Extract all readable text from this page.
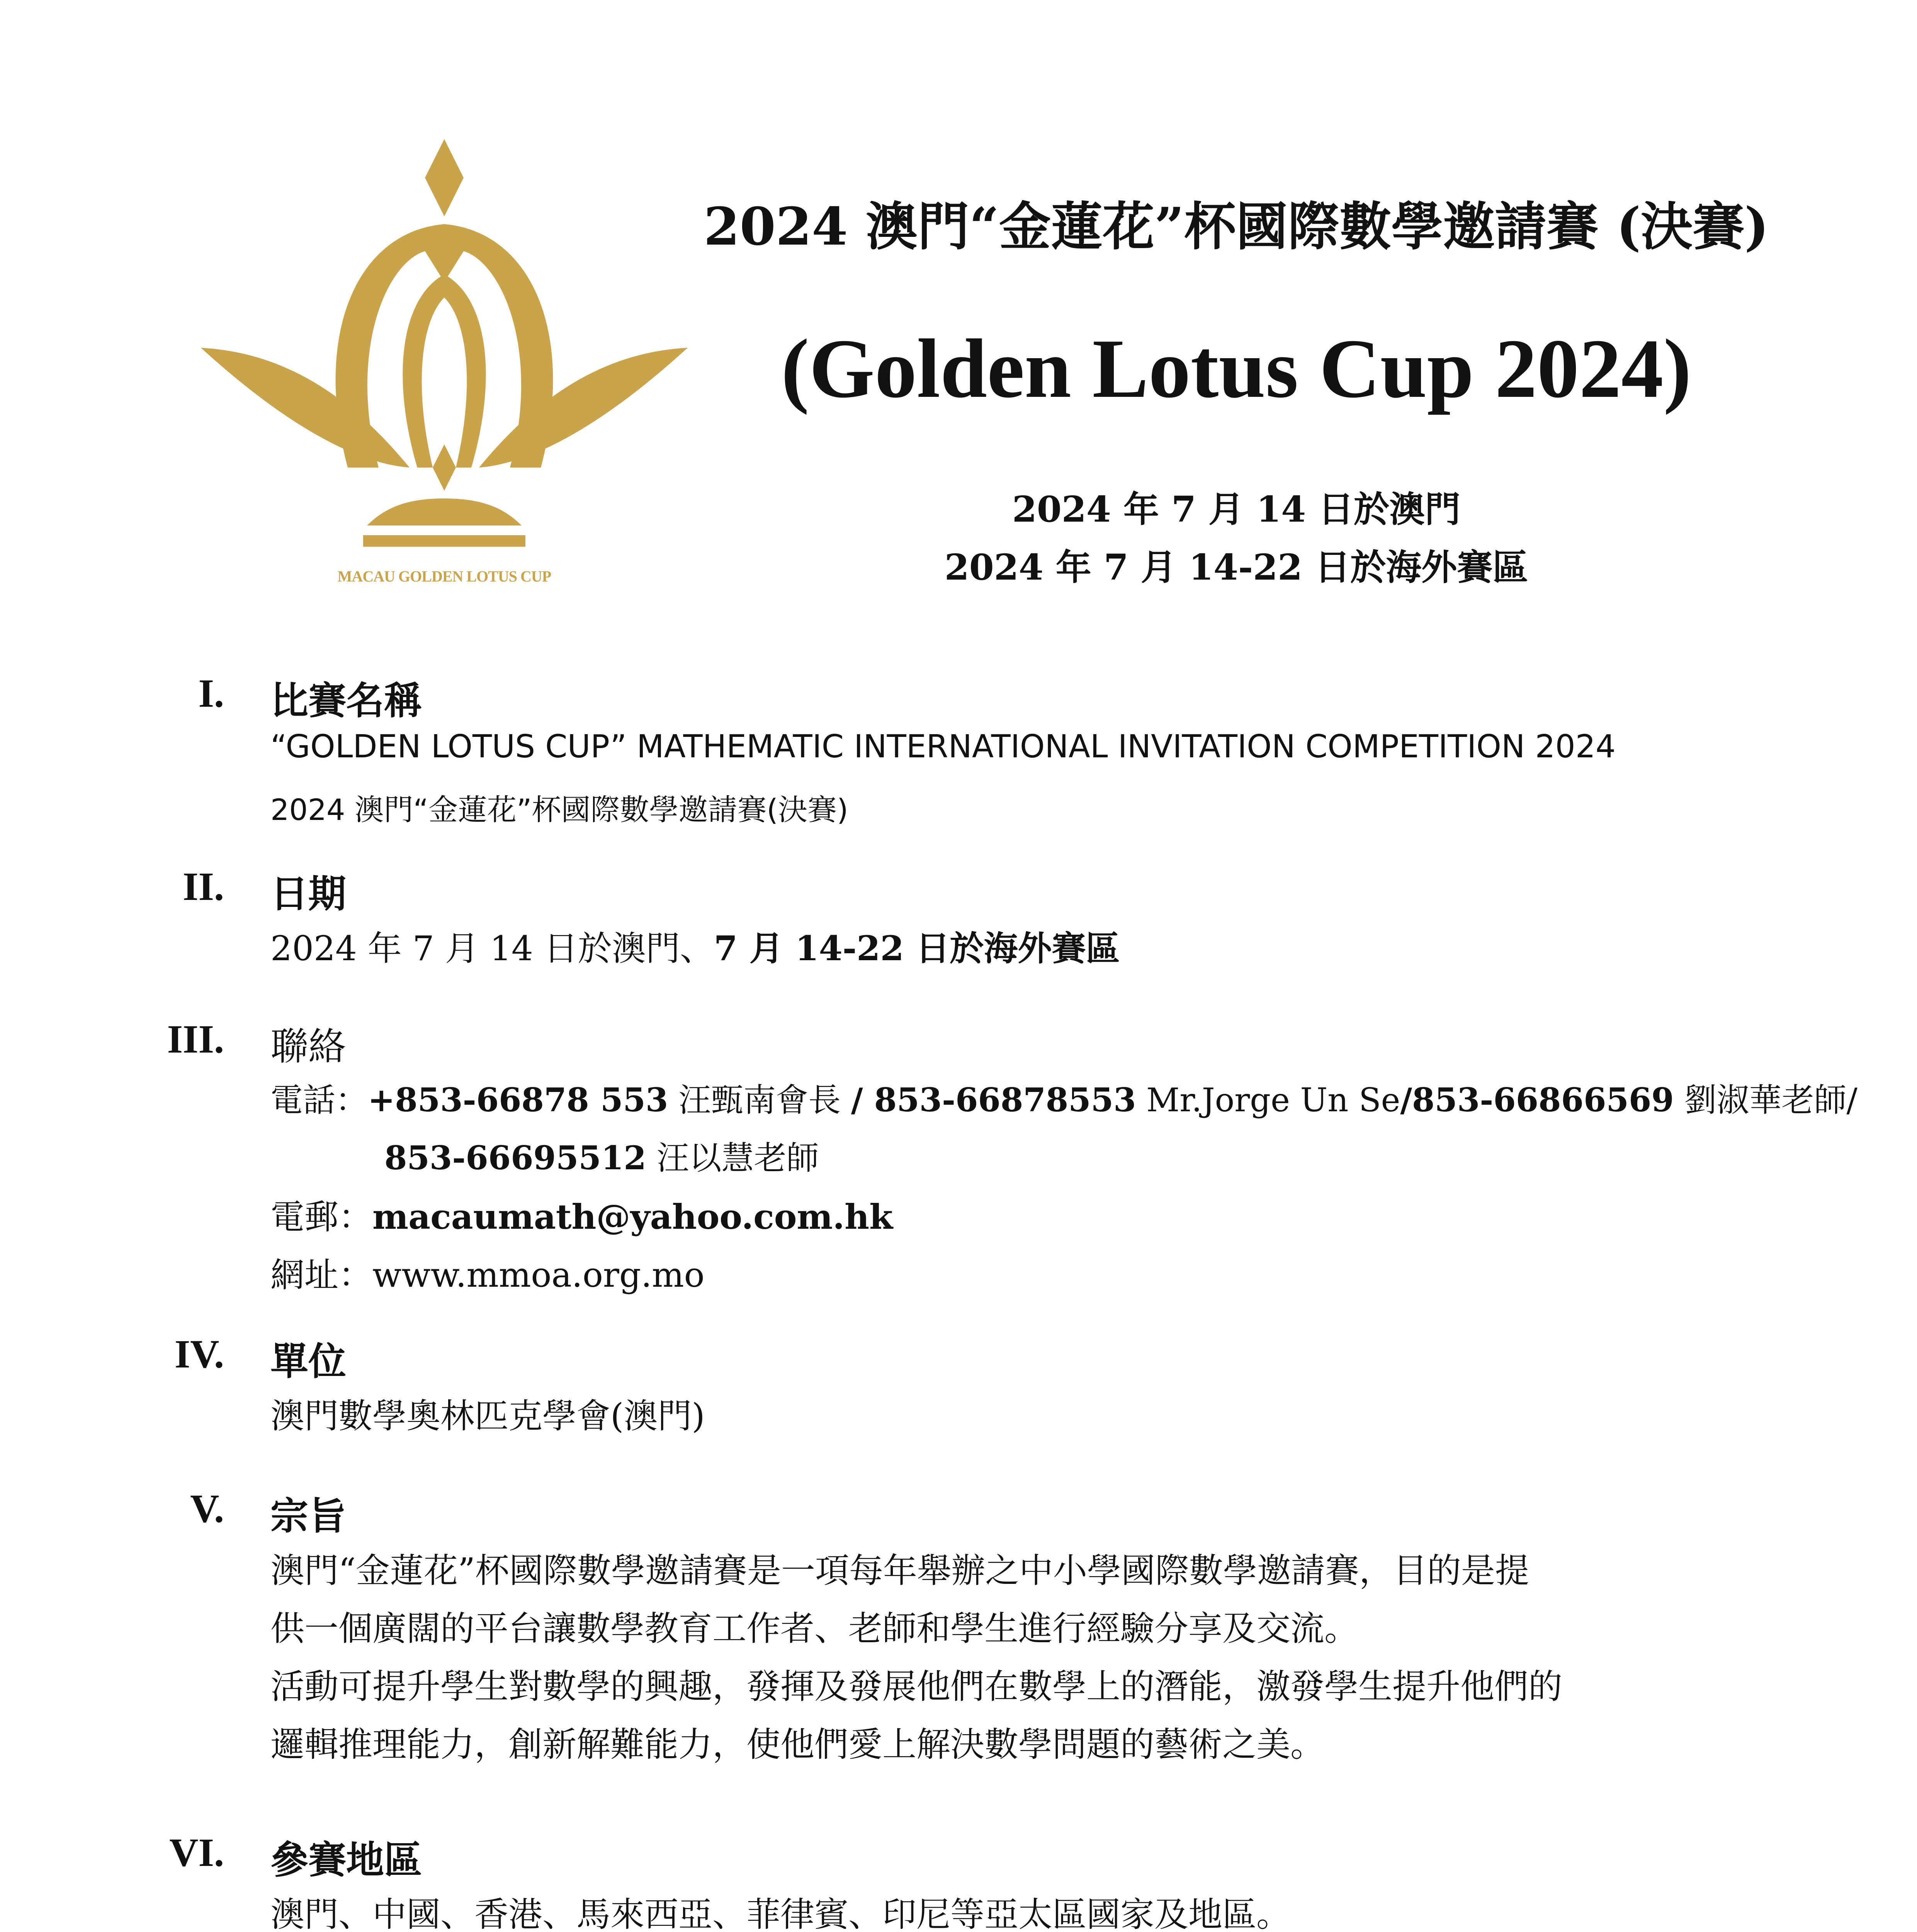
MACAU GOLDEN LOTUS CUP
2024 澳門“金蓮花”杯國際數學邀請賽 (決賽)
(Golden Lotus Cup 2024)
2024 年 7 月 14 日於澳門
2024 年 7 月 14-22 日於海外賽區
I. 比賽名稱
“GOLDEN LOTUS CUP” MATHEMATIC INTERNATIONAL INVITATION COMPETITION 2024
2024 澳門“金蓮花”杯國際數學邀請賽(決賽)
II. 日期
2024 年 7 月 14 日於澳門、7 月 14-22 日於海外賽區
III. 聯絡
電話：+853-66878 553 汪甄南會長 / 853-66878553 Mr.Jorge Un Se/853-66866569 劉淑華老師/
853-66695512 汪以慧老師
電郵：macaumath@yahoo.com.hk
網址：www.mmoa.org.mo
IV. 單位
澳門數學奧林匹克學會(澳門)
V. 宗旨
澳門“金蓮花”杯國際數學邀請賽是一項每年舉辦之中小學國際數學邀請賽，目的是提
供一個廣闊的平台讓數學教育工作者、老師和學生進行經驗分享及交流。
活動可提升學生對數學的興趣，發揮及發展他們在數學上的潛能，激發學生提升他們的
邏輯推理能力，創新解難能力，使他們愛上解決數學問題的藝術之美。
VI. 參賽地區
澳門、中國、香港、馬來西亞、菲律賓、印尼等亞太區國家及地區。
